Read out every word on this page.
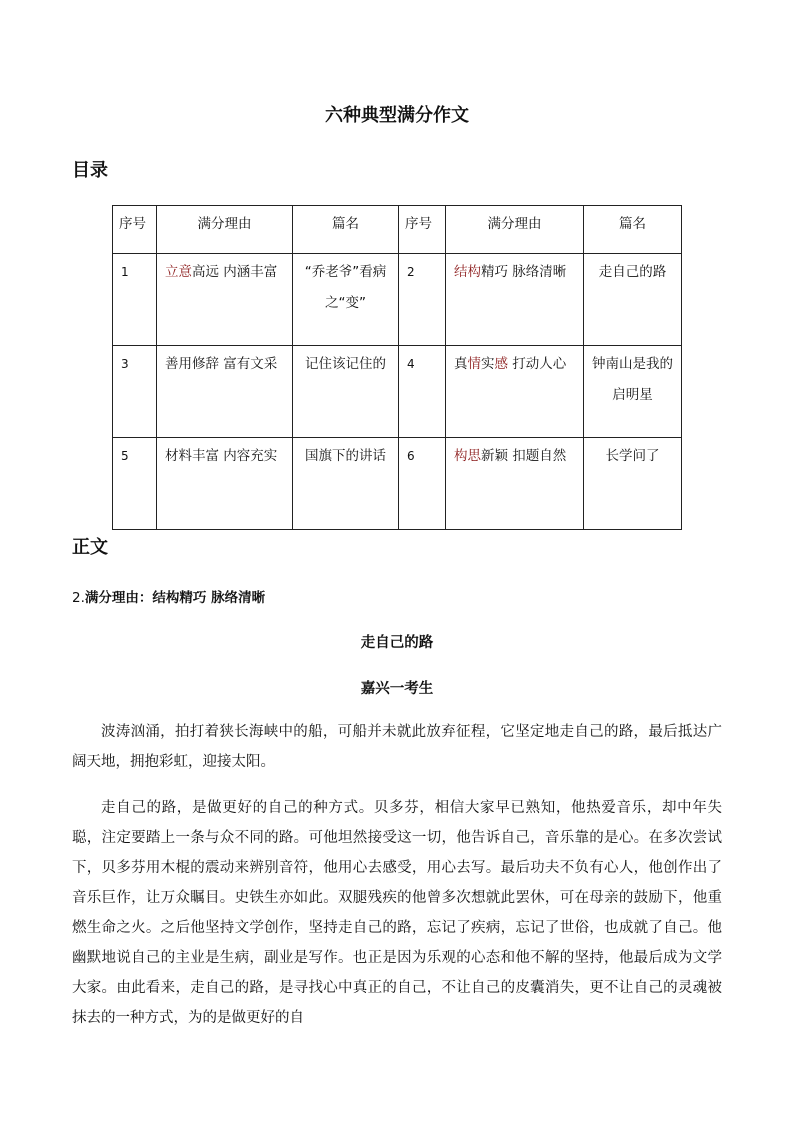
六种典型满分作文
目录
序号	满分理由	篇名	序号	满分理由	篇名
1	立意高远 内涵丰富	“乔老爷”看病之“变”	2	结构精巧 脉络清晰	走自己的路
3	善用修辞 富有文采	记住该记住的	4	真情实感 打动人心	钟南山是我的启明星
5	材料丰富 内容充实	国旗下的讲话	6	构思新颖 扣题自然	长学问了
正文

2.满分理由：结构精巧 脉络清晰

走自己的路

嘉兴一考生

波涛汹涌，拍打着狭长海峡中的船，可船并未就此放弃征程，它坚定地走自己的路，最后抵达广阔天地，拥抱彩虹，迎接太阳。

走自己的路，是做更好的自己的种方式。贝多芬，相信大家早已熟知，他热爱音乐，却中年失聪，注定要踏上一条与众不同的路。可他坦然接受这一切，他告诉自己，音乐靠的是心。在多次尝试下，贝多芬用木棍的震动来辨别音符，他用心去感受，用心去写。最后功夫不负有心人，他创作出了音乐巨作，让万众瞩目。史铁生亦如此。双腿残疾的他曾多次想就此罢休，可在母亲的鼓励下，他重燃生命之火。之后他坚持文学创作，坚持走自己的路，忘记了疾病，忘记了世俗，也成就了自己。他幽默地说自己的主业是生病，副业是写作。也正是因为乐观的心态和他不解的坚持，他最后成为文学大家。由此看来，走自己的路，是寻找心中真正的自己，不让自己的皮囊消失，更不让自己的灵魂被抹去的一种方式，为的是做更好的自
